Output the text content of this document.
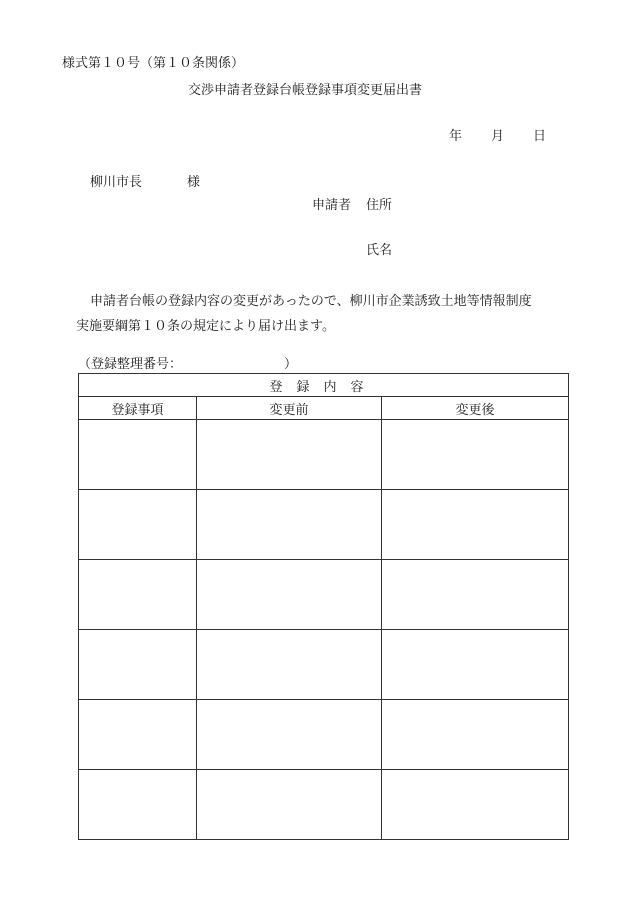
様式第１０号（第１０条関係）
交渉申請者登録台帳登録事項変更届出書
年 月 日
柳川市長	様
申請者 住所
氏名
申請者台帳の登録内容の変更があったので、柳川市企業誘致土地等情報制度
実施要綱第１０条の規定により届け出ます。
（登録整理番号：	）
登録内容		
登録事項	変更前	変更後
